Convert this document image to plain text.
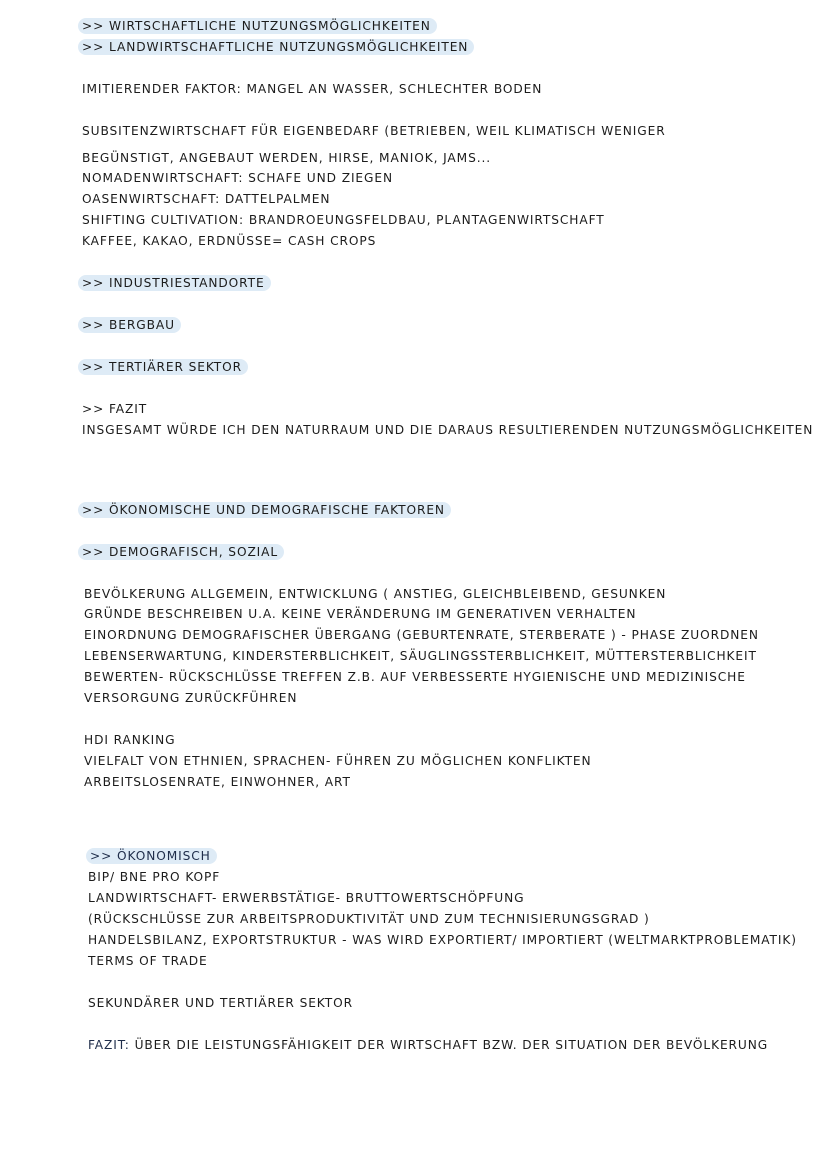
>> WIRTSCHAFTLICHE NUTZUNGSMÖGLICHKEITEN
>> LANDWIRTSCHAFTLICHE NUTZUNGSMÖGLICHKEITEN
IMITIERENDER FAKTOR: MANGEL AN WASSER, SCHLECHTER BODEN
SUBSITENZWIRTSCHAFT FÜR EIGENBEDARF (BETRIEBEN, WEIL KLIMATISCH WENIGER
BEGÜNSTIGT, ANGEBAUT WERDEN, HIRSE, MANIOK, JAMS...
NOMADENWIRTSCHAFT: SCHAFE UND ZIEGEN
OASENWIRTSCHAFT: DATTELPALMEN
SHIFTING CULTIVATION: BRANDROEUNGSFELDBAU, PLANTAGENWIRTSCHAFT
KAFFEE, KAKAO, ERDNÜSSE= CASH CROPS
>> INDUSTRIESTANDORTE
>> BERGBAU
>> TERTIÄRER SEKTOR
>> FAZIT
INSGESAMT WÜRDE ICH DEN NATURRAUM UND DIE DARAUS RESULTIERENDEN NUTZUNGSMÖGLICHKEITEN
>> ÖKONOMISCHE UND DEMOGRAFISCHE FAKTOREN
>> DEMOGRAFISCH, SOZIAL
BEVÖLKERUNG ALLGEMEIN, ENTWICKLUNG ( ANSTIEG, GLEICHBLEIBEND, GESUNKEN
GRÜNDE BESCHREIBEN U.A. KEINE VERÄNDERUNG IM GENERATIVEN VERHALTEN
EINORDNUNG DEMOGRAFISCHER ÜBERGANG (GEBURTENRATE, STERBERATE ) - PHASE ZUORDNEN
LEBENSERWARTUNG, KINDERSTERBLICHKEIT, SÄUGLINGSSTERBLICHKEIT, MÜTTERSTERBLICHKEIT
BEWERTEN- RÜCKSCHLÜSSE TREFFEN Z.B. AUF VERBESSERTE HYGIENISCHE UND MEDIZINISCHE
VERSORGUNG ZURÜCKFÜHREN
HDI RANKING
VIELFALT VON ETHNIEN, SPRACHEN- FÜHREN ZU MÖGLICHEN KONFLIKTEN
ARBEITSLOSENRATE, EINWOHNER, ART
>> ÖKONOMISCH
BIP/ BNE PRO KOPF
LANDWIRTSCHAFT- ERWERBSTÄTIGE- BRUTTOWERTSCHÖPFUNG
(RÜCKSCHLÜSSE ZUR ARBEITSPRODUKTIVITÄT UND ZUM TECHNISIERUNGSGRAD )
HANDELSBILANZ, EXPORTSTRUKTUR - WAS WIRD EXPORTIERT/ IMPORTIERT (WELTMARKTPROBLEMATIK)
TERMS OF TRADE
SEKUNDÄRER UND TERTIÄRER SEKTOR
FAZIT: ÜBER DIE LEISTUNGSFÄHIGKEIT DER WIRTSCHAFT BZW. DER SITUATION DER BEVÖLKERUNG
